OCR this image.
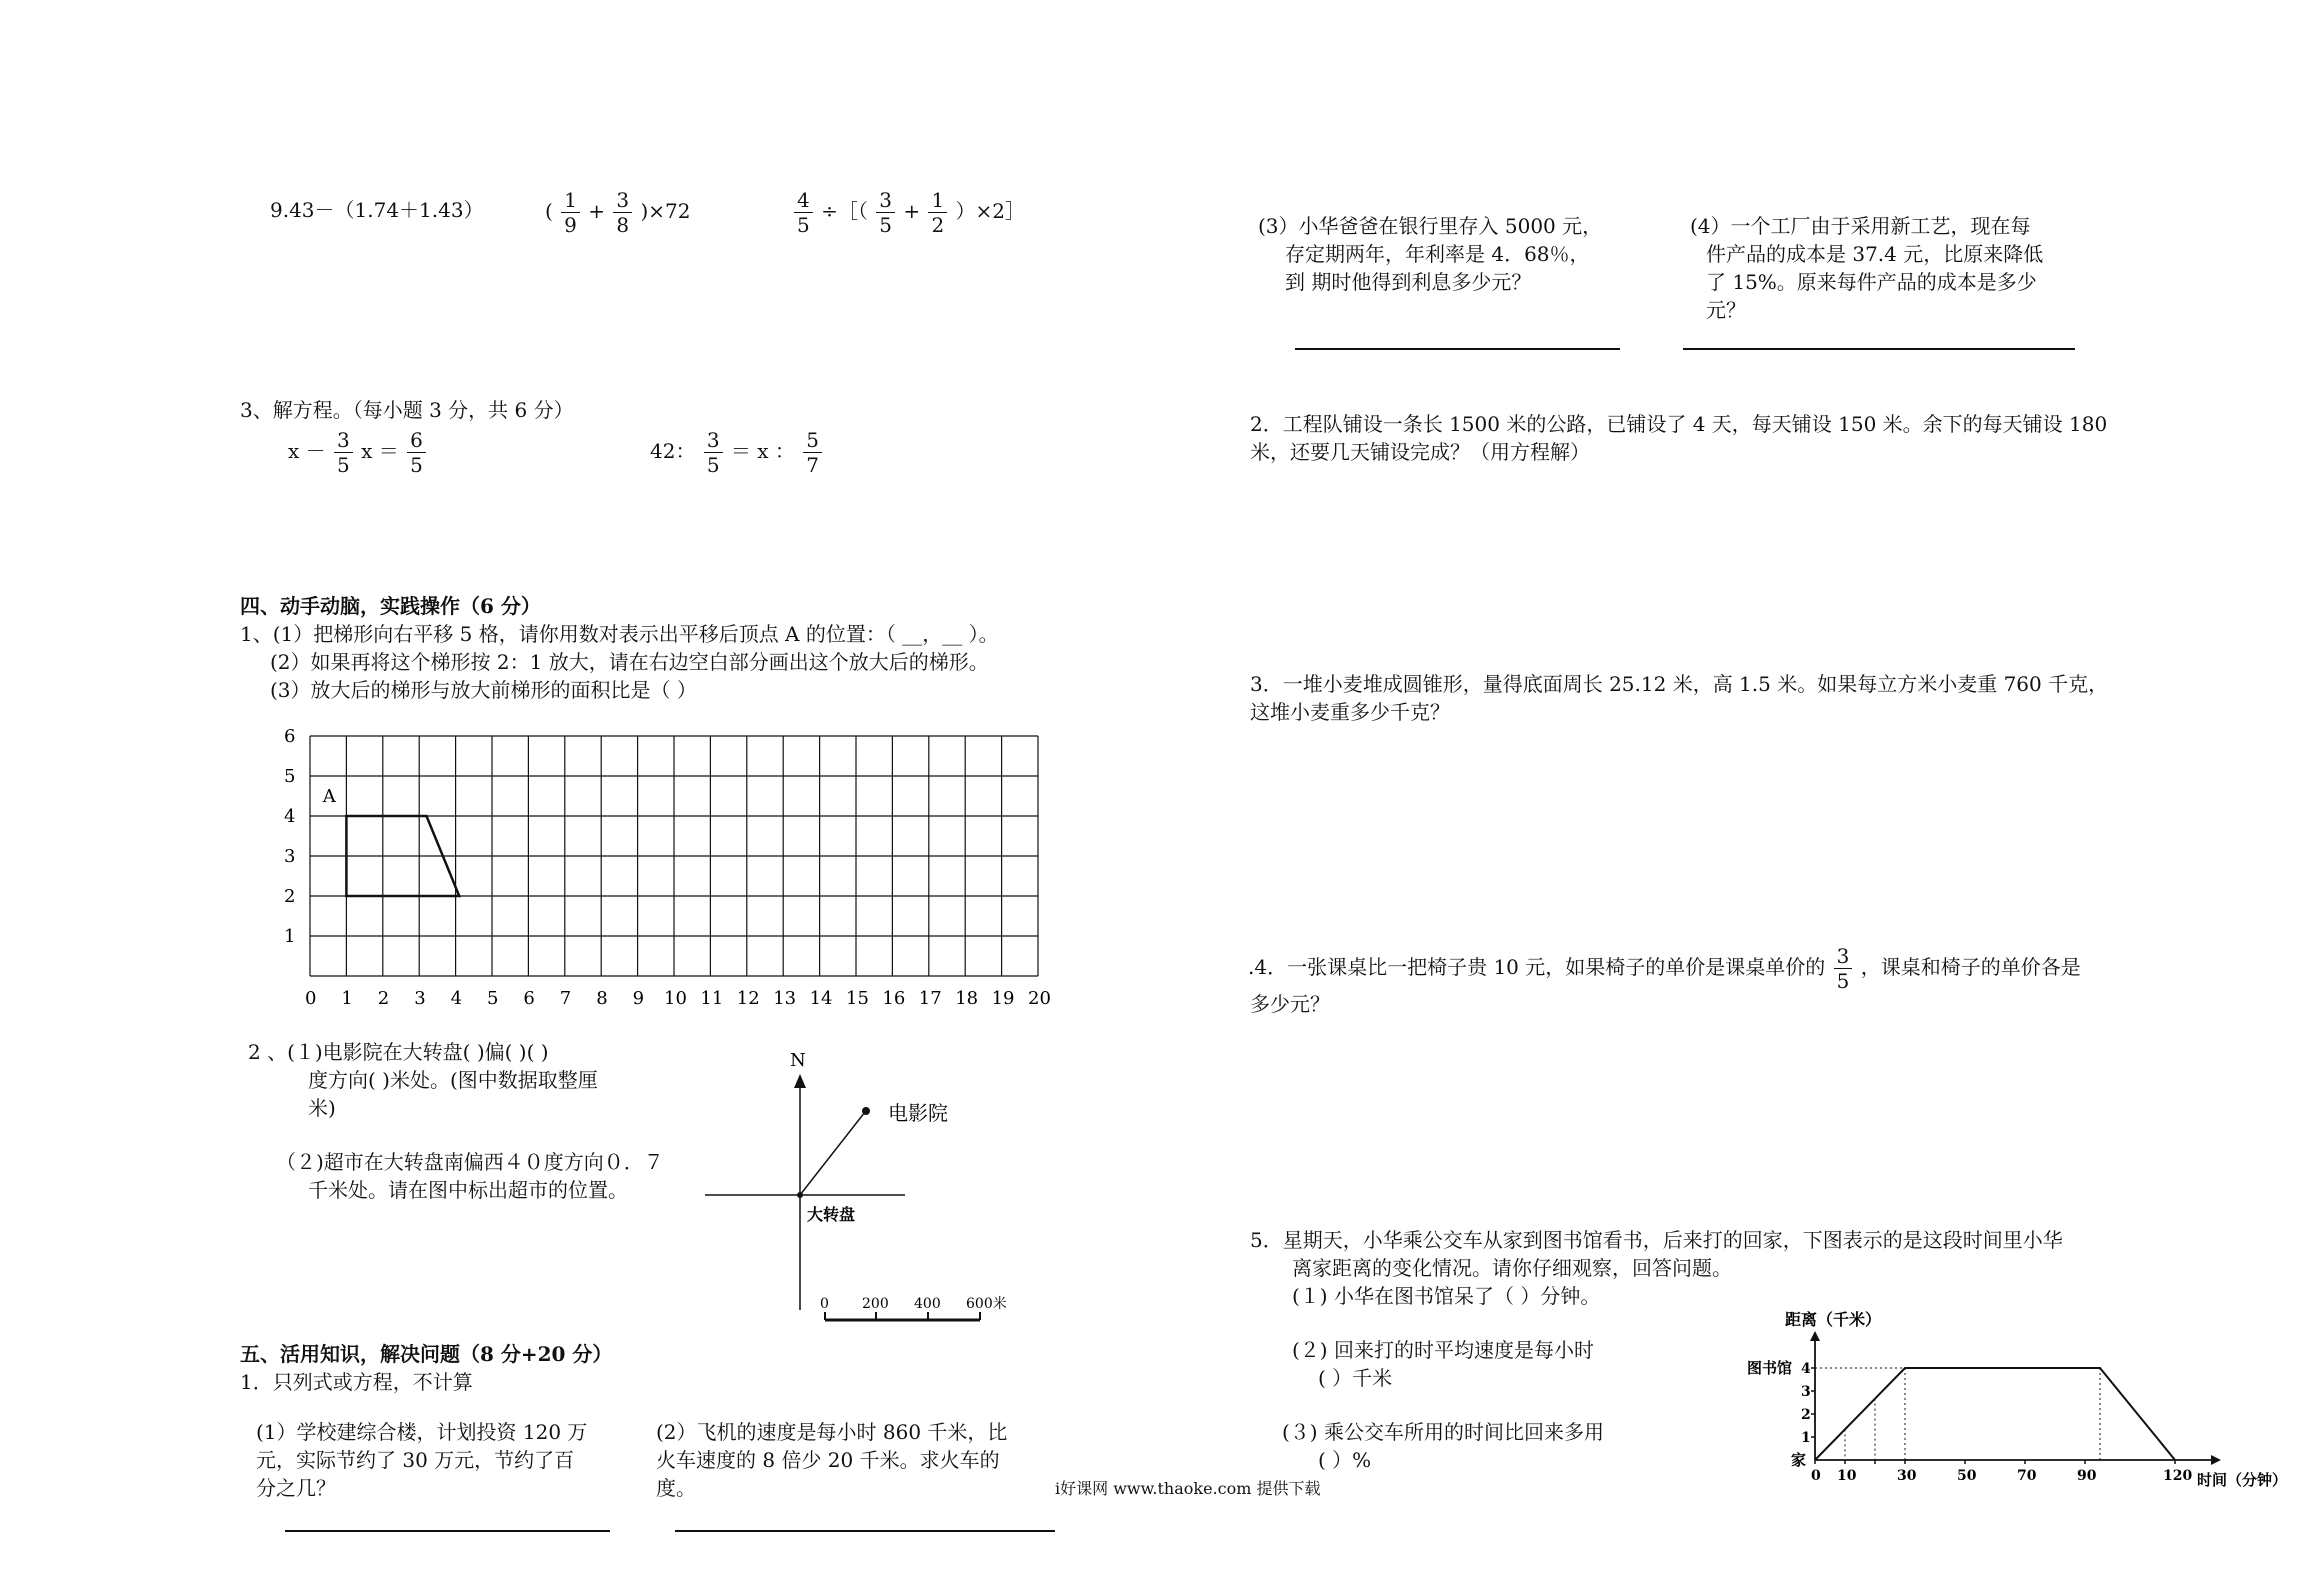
9.43－（1.74＋1.43）	( $\frac{1}{9} + \frac{3}{8} )\times 72$	$\frac{4}{5}$ ÷［（ $\frac{3}{5} + \frac{1}{2}$ ）×2］
3、解方程。（每小题 3 分，共 6 分）
$x - \frac{3}{5}$ $x = \frac{6}{5}$	42： $\frac{3}{5} = x$ ： $\frac{5}{7}$
四、动手动脑，实践操作（6 分）
1、(1）把梯形向右平移 5 格，请你用数对表示出平移后顶点 A 的位置：（ __，__ ）。
(2）如果再将这个梯形按 2：1 放大，请在右边空白部分画出这个放大后的梯形。
(3）放大后的梯形与放大前梯形的面积比是（ ）
1
2
3
4
5
6
0 1 2 3 4 5 6 7 8 9 10 11 12 13 14 15 16 17 18 19 20
A
2 、(１)电影院在大转盘( )偏( )( )
度方向( )米处。(图中数据取整厘
米)
（２)超市在大转盘南偏西４０度方向０．７
千米处。请在图中标出超市的位置。
N
电影院
大转盘
0 200 400 600米
五、活用知识，解决问题（8 分+20 分）
1．只列式或方程，不计算
(1）学校建综合楼，计划投资 120 万
元，实际节约了 30 万元，节约了百
分之几？
(2）飞机的速度是每小时 860 千米，比
火车速度的 8 倍少 20 千米。求火车的
度。	i好课网 www.thaoke.com 提供下载
(3）小华爸爸在银行里存入 5000 元，
存定期两年，年利率是 4．68％，
到 期时他得到利息多少元？
(4）一个工厂由于采用新工艺，现在每
件产品的成本是 37.4 元，比原来降低
了 15%。原来每件产品的成本是多少
元？
2．工程队铺设一条长 1500 米的公路，已铺设了 4 天，每天铺设 150 米。余下的每天铺设 180
米，还要几天铺设完成？（用方程解）
3．一堆小麦堆成圆锥形，量得底面周长 25.12 米，高 1.5 米。如果每立方米小麦重 760 千克，
这堆小麦重多少千克？
.4．一张课桌比一把椅子贵 10 元，如果椅子的单价是课桌单价的 $\frac{3}{5}$ ，课桌和椅子的单价各是
多少元？
5．星期天，小华乘公交车从家到图书馆看书，后来打的回家，下图表示的是这段时间里小华
离家距离的变化情况。请你仔细观察，回答问题。
(１) 小华在图书馆呆了（ ）分钟。
(２) 回来打的时平均速度是每小时
( ）千米
(３) 乘公交车所用的时间比回来多用
( ）%
距离（千米）
时间（分钟）
家
1
2
3
4
图书馆
0 10	30	50	70	90	120
